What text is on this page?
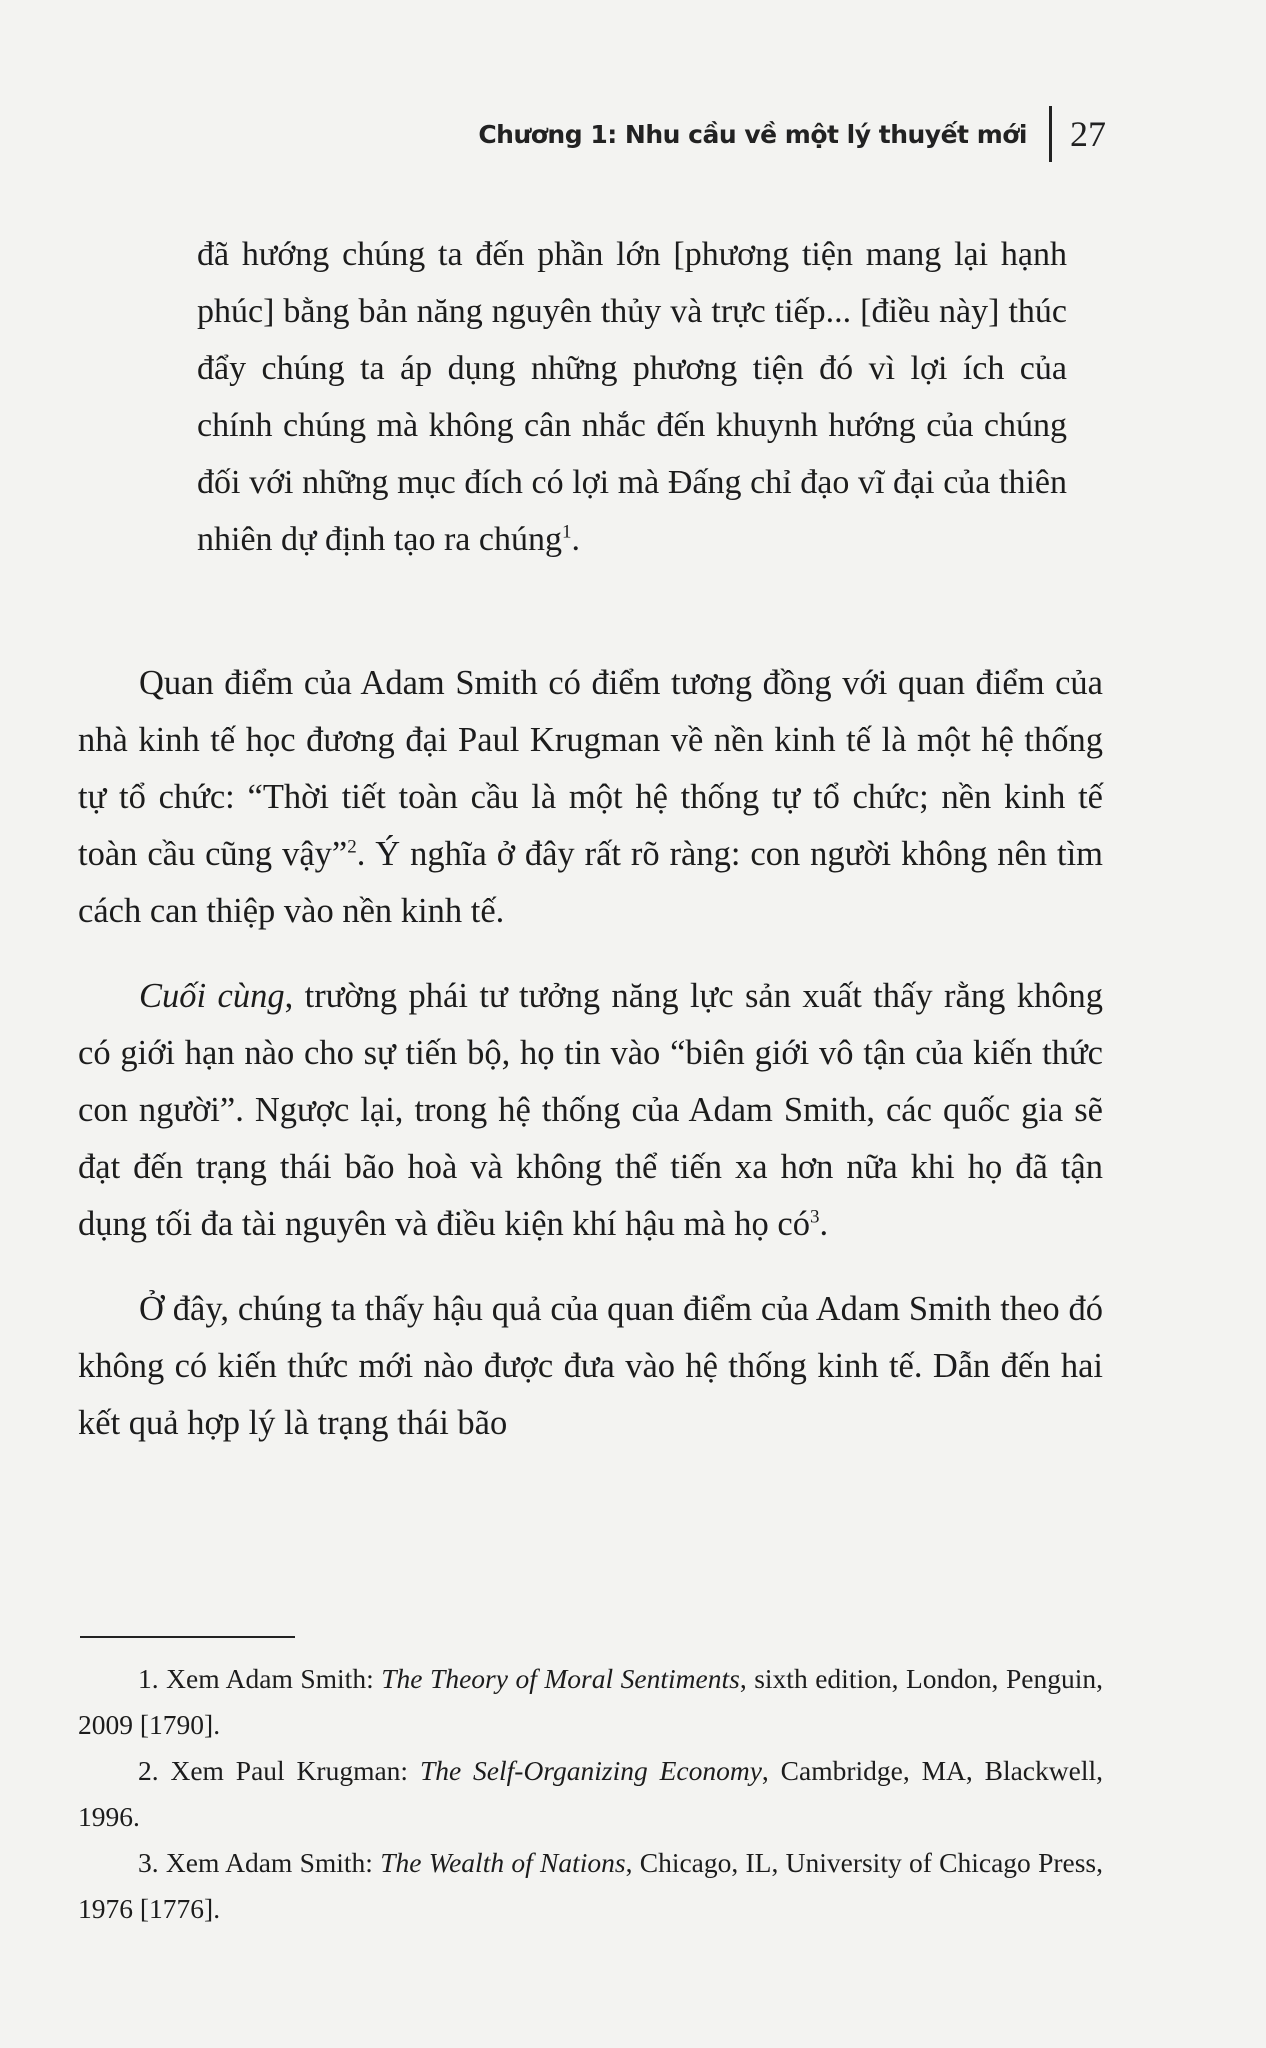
Chương 1: Nhu cầu về một lý thuyết mới 27

đã hướng chúng ta đến phần lớn [phương tiện mang lại hạnh phúc] bằng bản năng nguyên thủy và trực tiếp... [điều này] thúc đẩy chúng ta áp dụng những phương tiện đó vì lợi ích của chính chúng mà không cân nhắc đến khuynh hướng của chúng đối với những mục đích có lợi mà Đấng chỉ đạo vĩ đại của thiên nhiên dự định tạo ra chúng$^1$.

Quan điểm của Adam Smith có điểm tương đồng với quan điểm của nhà kinh tế học đương đại Paul Krugman về nền kinh tế là một hệ thống tự tổ chức: “Thời tiết toàn cầu là một hệ thống tự tổ chức; nền kinh tế toàn cầu cũng vậy”$^2$. Ý nghĩa ở đây rất rõ ràng: con người không nên tìm cách can thiệp vào nền kinh tế.

Cuối cùng, trường phái tư tưởng năng lực sản xuất thấy rằng không có giới hạn nào cho sự tiến bộ, họ tin vào “biên giới vô tận của kiến thức con người”. Ngược lại, trong hệ thống của Adam Smith, các quốc gia sẽ đạt đến trạng thái bão hoà và không thể tiến xa hơn nữa khi họ đã tận dụng tối đa tài nguyên và điều kiện khí hậu mà họ $có^3$.

Ở đây, chúng ta thấy hậu quả của quan điểm của Adam Smith theo đó không có kiến thức mới nào được đưa vào hệ thống kinh tế. Dẫn đến hai kết quả hợp lý là trạng thái bão

1. Xem Adam Smith: The Theory of Moral Sentiments, sixth edition, London, Penguin, 2009 [1790].

2. Xem Paul Krugman: The Self-Organizing Economy, Cambridge, MA, Blackwell, 1996.

3. Xem Adam Smith: The Wealth of Nations, Chicago, IL, University of Chicago Press, 1976 [1776].
